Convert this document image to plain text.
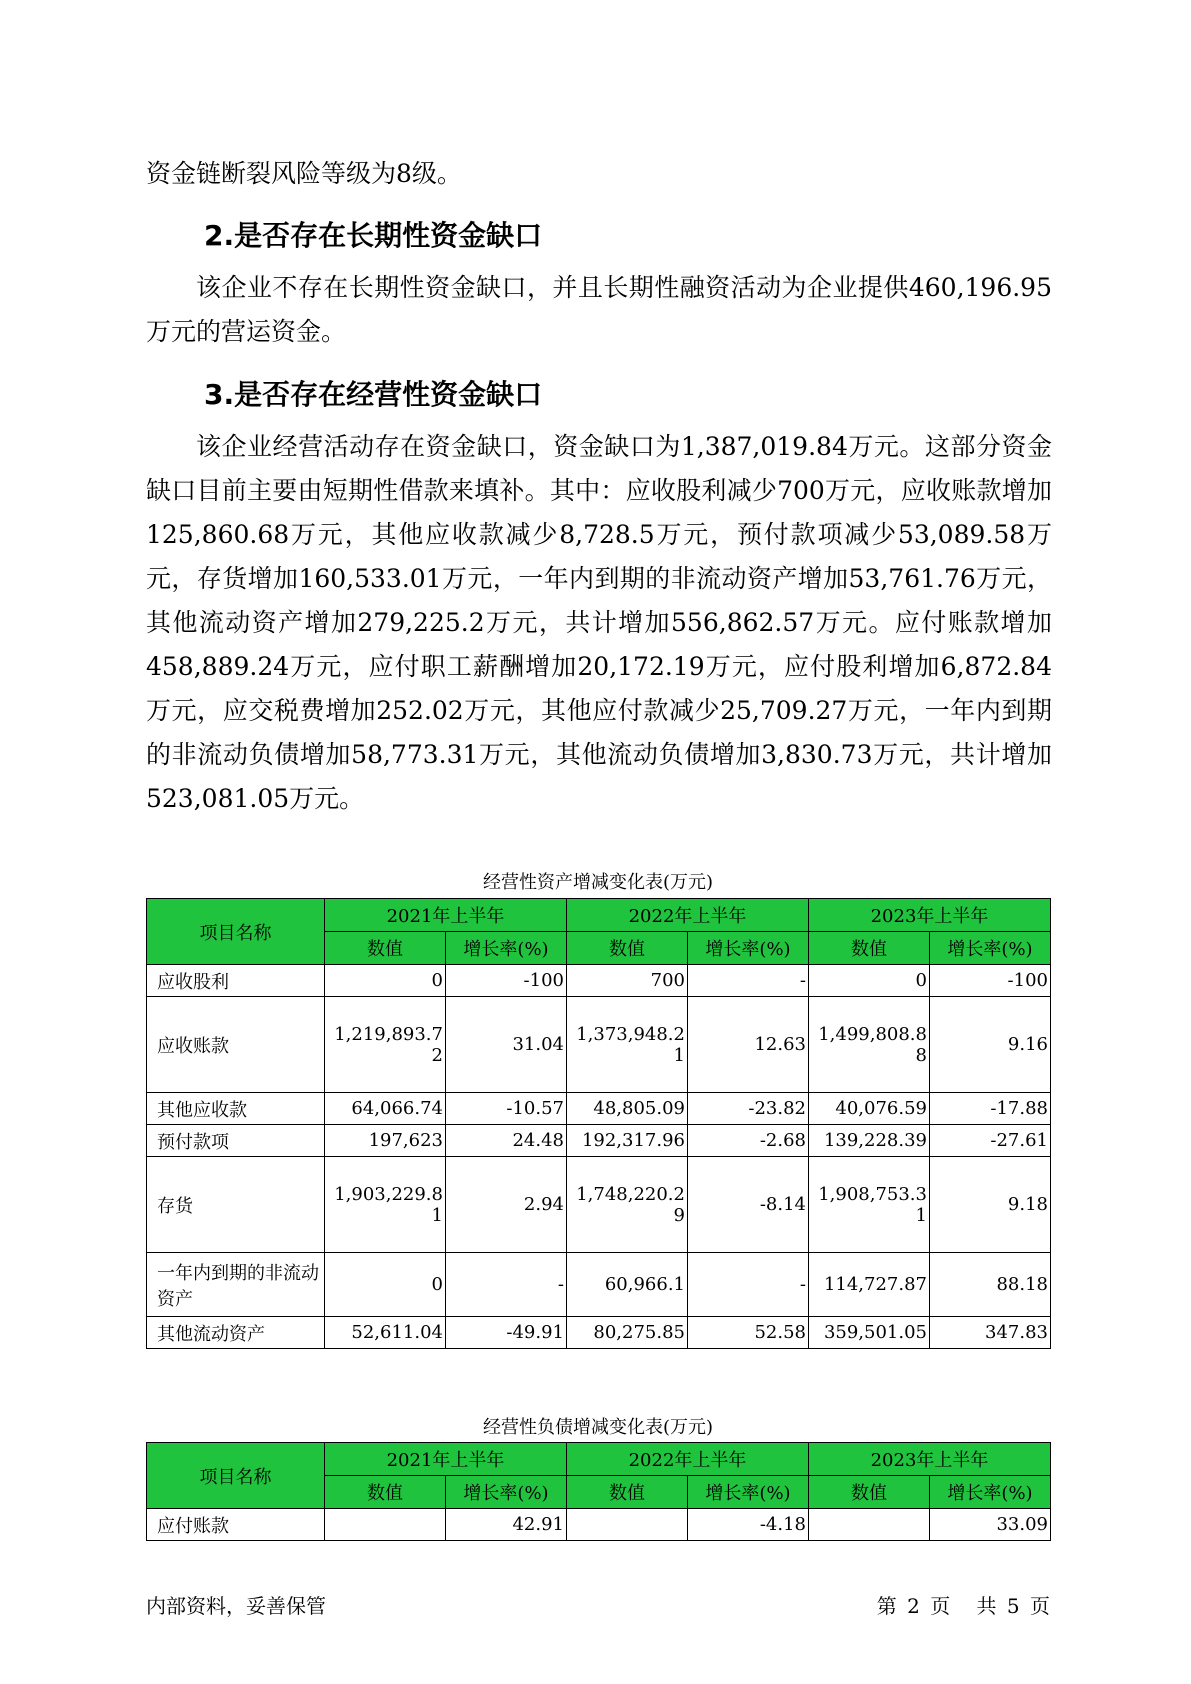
资金链断裂风险等级为8级。

2.是否存在长期性资金缺口

该企业不存在长期性资金缺口，并且长期性融资活动为企业提供460,196.95万元的营运资金。

3.是否存在经营性资金缺口

该企业经营活动存在资金缺口，资金缺口为1,387,019.84万元。这部分资金缺口目前主要由短期性借款来填补。其中：应收股利减少700万元，应收账款增加125,860.68万元，其他应收款减少8,728.5万元，预付款项减少53,089.58万元，存货增加160,533.01万元，一年内到期的非流动资产增加53,761.76万元，其他流动资产增加279,225.2万元，共计增加556,862.57万元。应付账款增加458,889.24万元，应付职工薪酬增加20,172.19万元，应付股利增加6,872.84万元，应交税费增加252.02万元，其他应付款减少25,709.27万元，一年内到期的非流动负债增加58,773.31万元，其他流动负债增加3,830.73万元，共计增加523,081.05万元。

经营性资产增减变化表(万元)

项目名称	2021年上半年		2022年上半年		2023年上半年	
	数值	增长率(%)	数值	增长率(%)	数值	增长率(%)
应收股利	0	-100	700	-	0	-100
应收账款	1,219,893.72	31.04	1,373,948.21	12.63	1,499,808.88	9.16
其他应收款	64,066.74	-10.57	48,805.09	-23.82	40,076.59	-17.88
预付款项	197,623	24.48	192,317.96	-2.68	139,228.39	-27.61
存货	1,903,229.81	2.94	1,748,220.29	-8.14	1,908,753.31	9.18
一年内到期的非流动资产	0	-	60,966.1	-	114,727.87	88.18
其他流动资产	52,611.04	-49.91	80,275.85	52.58	359,501.05	347.83

经营性负债增减变化表(万元)

项目名称	2021年上半年		2022年上半年		2023年上半年	
	数值	增长率(%)	数值	增长率(%)	数值	增长率(%)
应付账款		42.91		-4.18		33.09
内部资料，妥善保管	第 2 页 共 5 页
